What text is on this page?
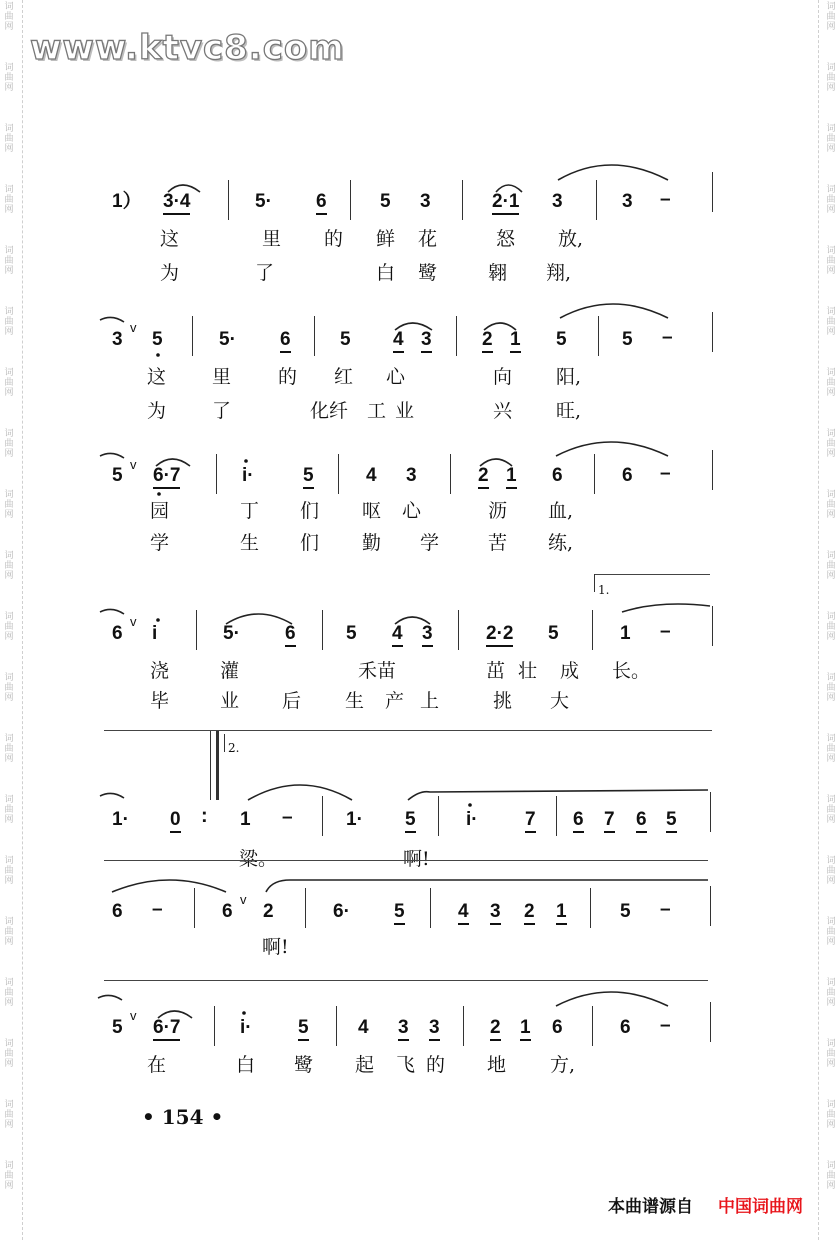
词
曲
网
词
曲
网
词
曲
网
词
曲
网
词
曲
网
词
曲
网
词
曲
网
词
曲
网
词
曲
网
词
曲
网
词
曲
网
词
曲
网
词
曲
网
词
曲
网
词
曲
网
词
曲
网
词
曲
网
词
曲
网
词
曲
网
词
曲
网
词
曲
网
词
曲
网
词
曲
网
词
曲
网
词
曲
网
词
曲
网
词
曲
网
词
曲
网
词
曲
网
词
曲
网
词
曲
网
词
曲
网
词
曲
网
词
曲
网
词
曲
网
词
曲
网
词
曲
网
词
曲
网
词
曲
网
词
曲
网
www.ktvc8.com
1） 3·4	5· 6	5 3	2·1 3	3 –
这	里 的 鲜 花	怒 放,
为	了	白 鹭	翱 翔,
3
v
5	5· 6	5 4 3	2 1 5	5 –
这 里 的 红 心	向 阳,
为 了	化纤 工 业	兴 旺,
5
v
6·7	i·	5	4 3	2 1 6	6 –
园	丁 们 呕 心	沥 血,
学	生 们 勤 学	苦 练,
1.
6
v
i	5· 6	5 4 3	2·2 5	1 –
浇	灌	禾苗	茁 壮 成 长。
毕	业 后 生 产 上	挑 大
2.
1· 0 : 1 –	1· 5	i· 7 6 7 6 5
粱。	啊!
6 –	6
v
2	6· 5	4 3 2 1	5 –
啊!
5
v
6·7	i· 5	4 3 3	2 1 6	6 –
在	白 鹭 起 飞 的 地 方,
• 154 •
本曲谱源自 中国词曲网
